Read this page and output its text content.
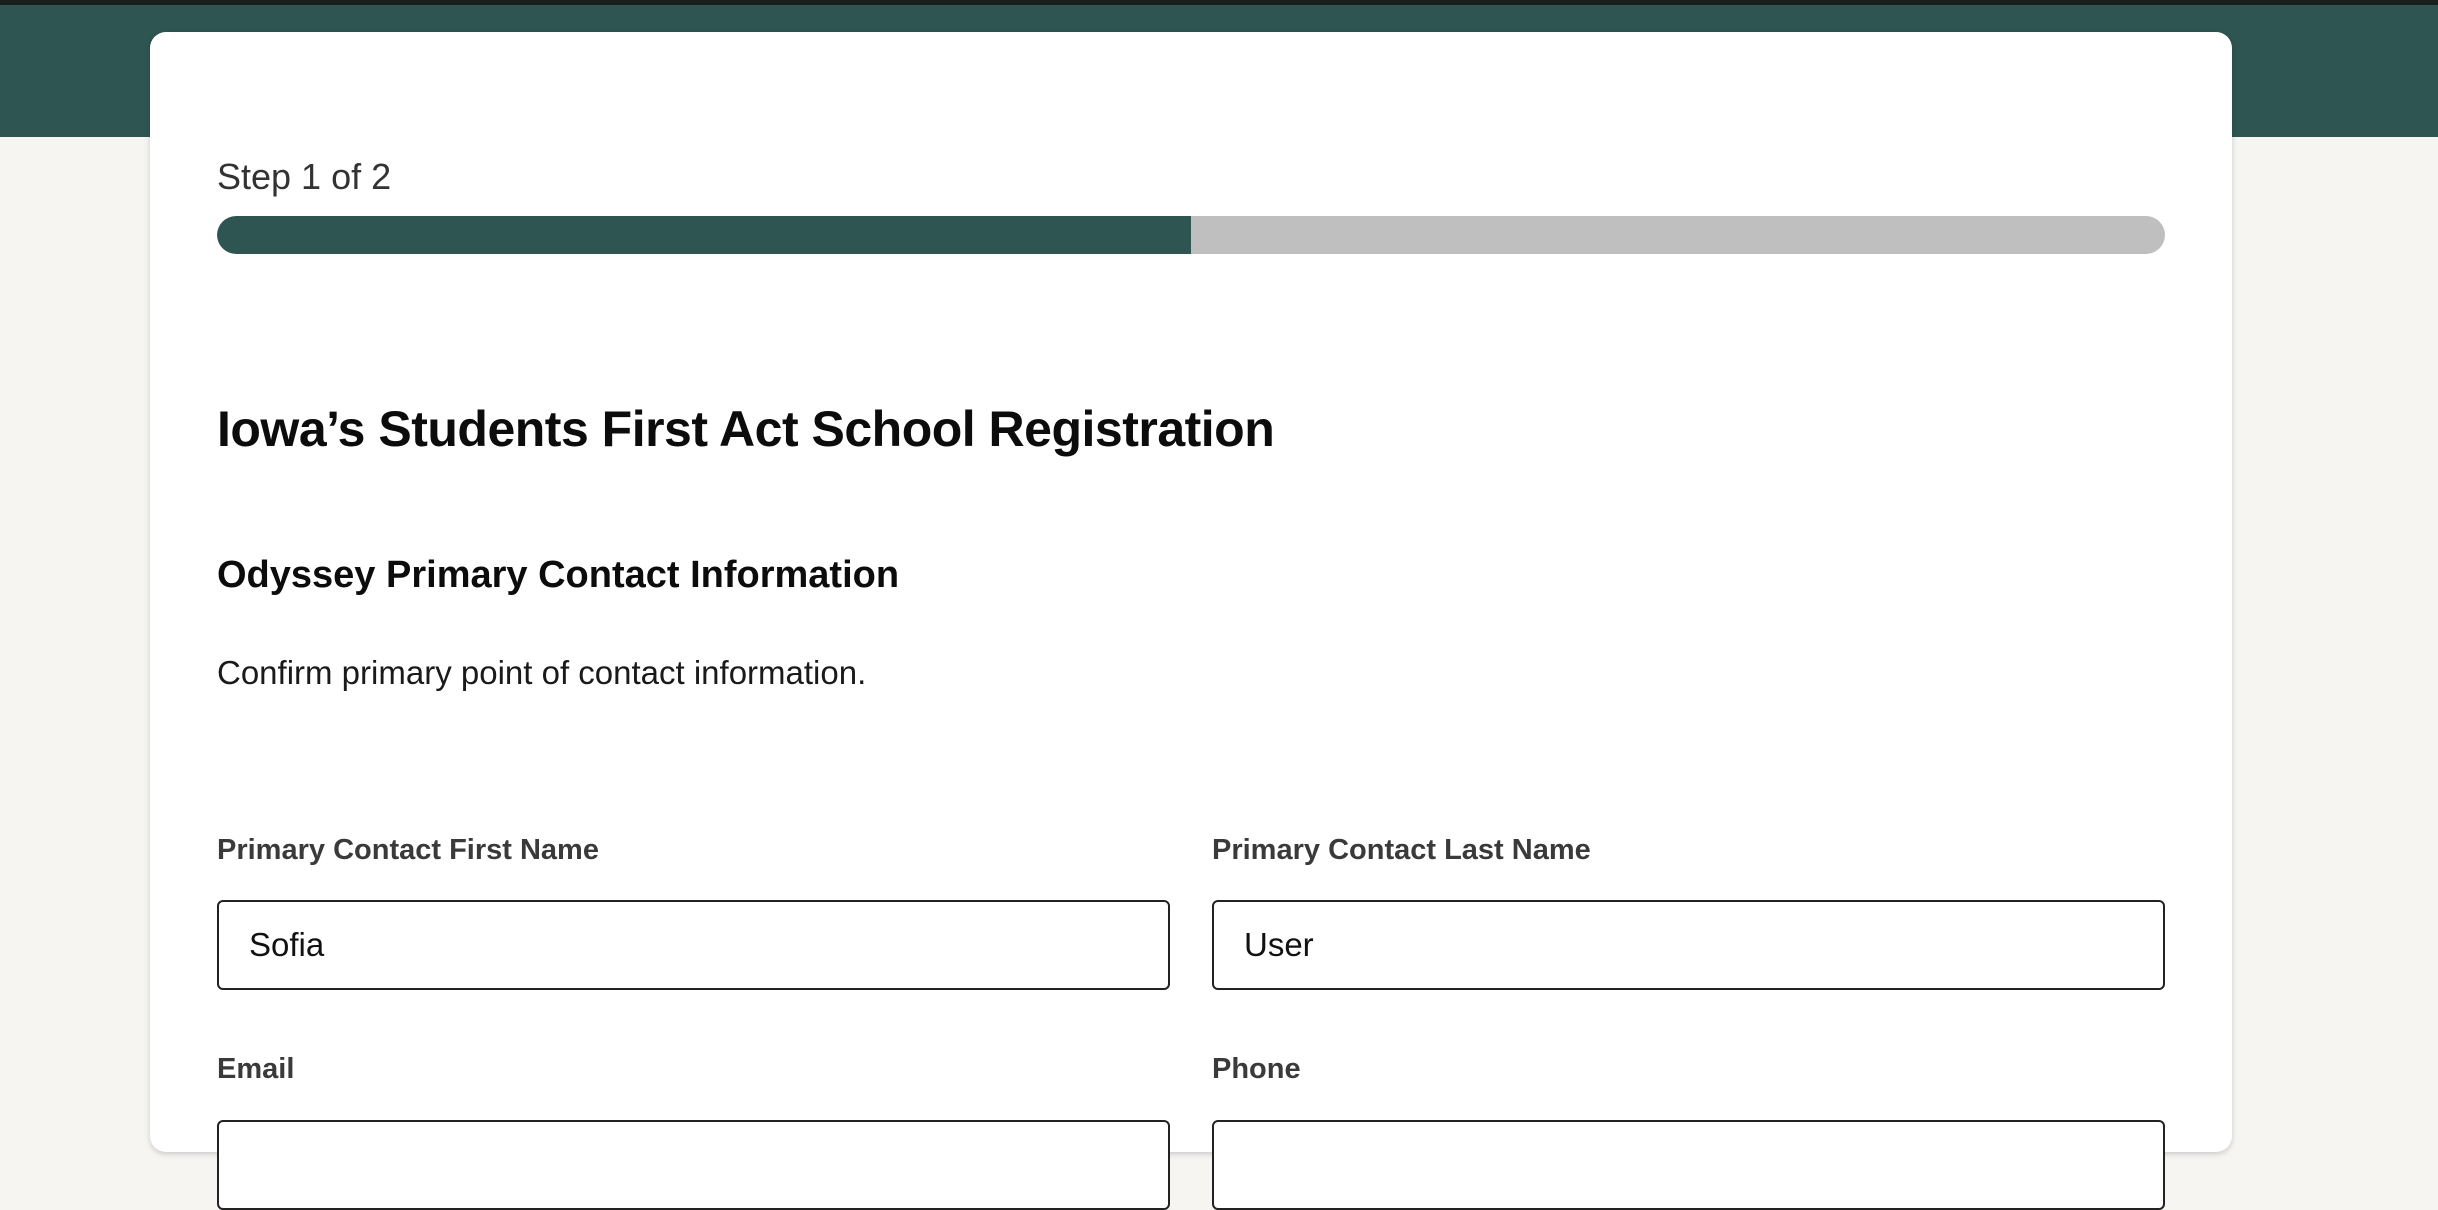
Step 1 of 2
Iowa’s Students First Act School Registration
Odyssey Primary Contact Information

Confirm primary point of contact information.

Primary Contact First Name
Sofia	Primary Contact Last Name
User
Email	Phone
